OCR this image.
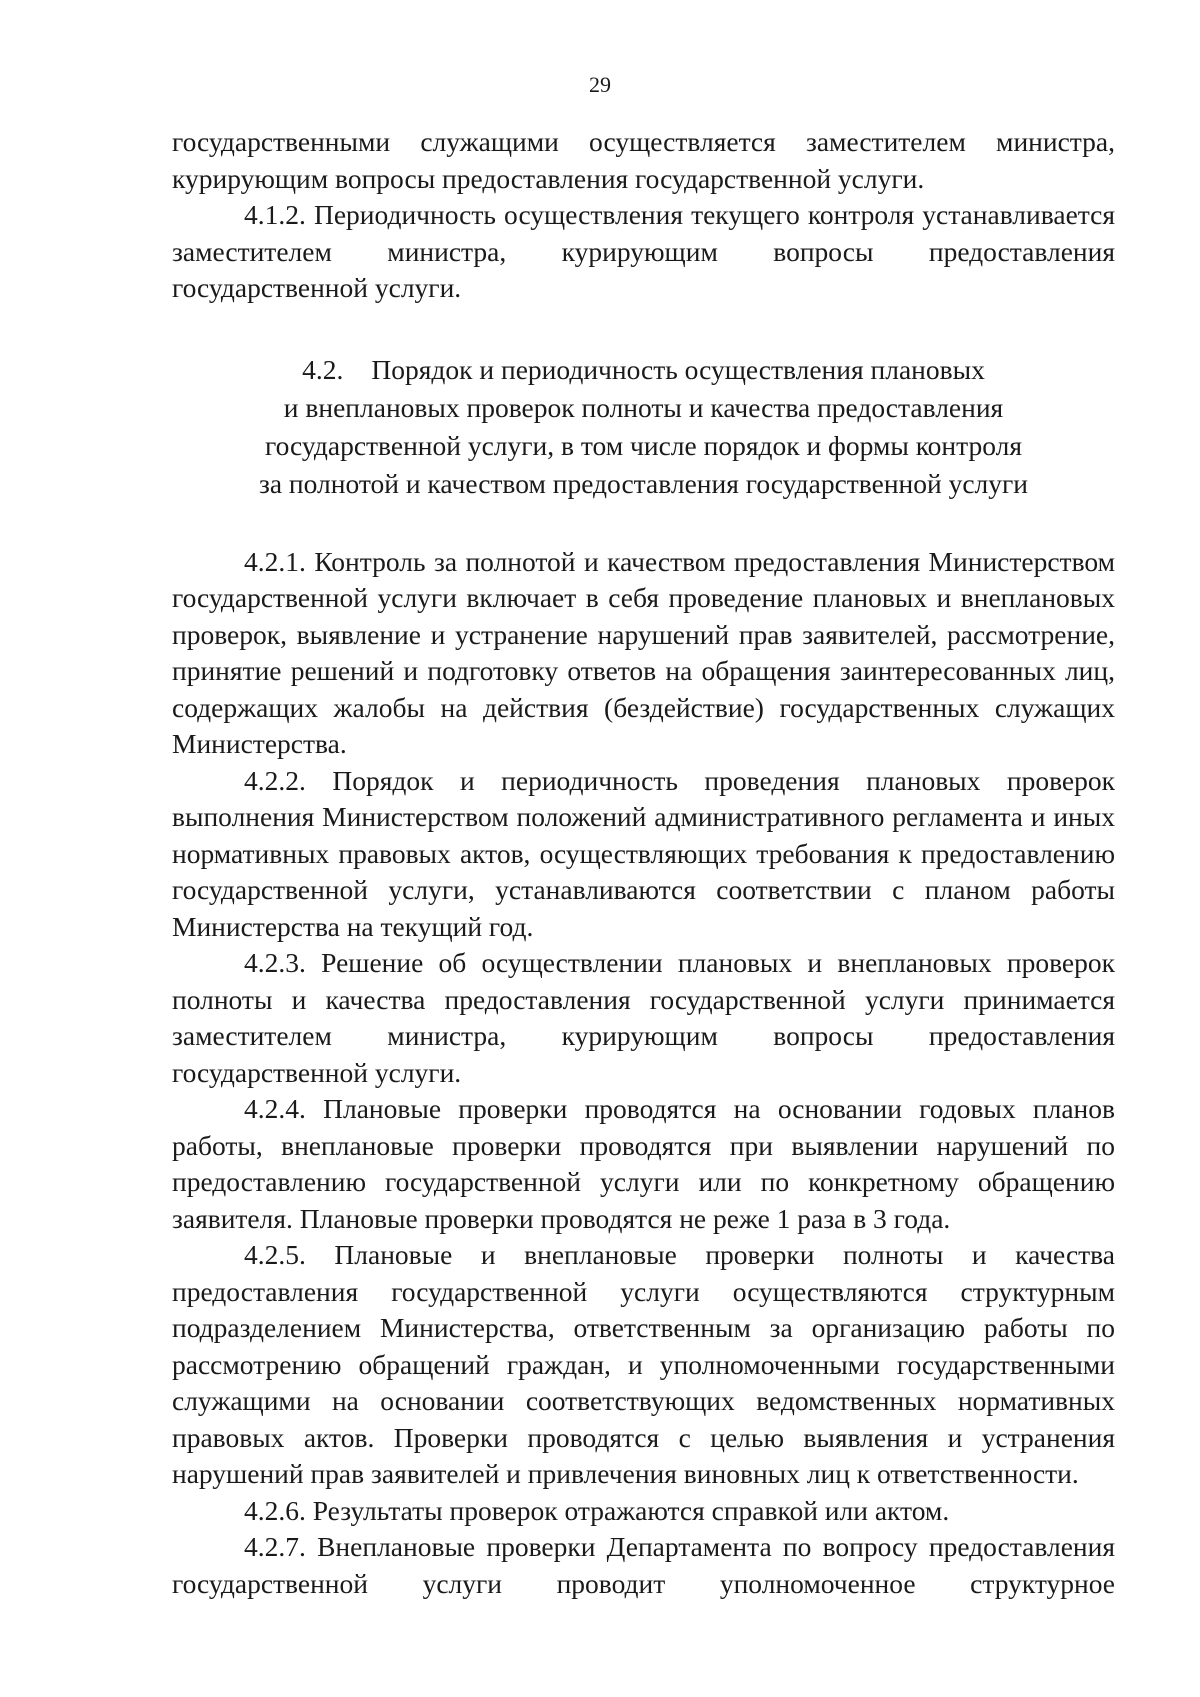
29

государственными служащими осуществляется заместителем министра, курирующим вопросы предоставления государственной услуги.

4.1.2. Периодичность осуществления текущего контроля устанавливается заместителем министра, курирующим вопросы предоставления государственной услуги.

4.2. Порядок и периодичность осуществления плановых
и внеплановых проверок полноты и качества предоставления
государственной услуги, в том числе порядок и формы контроля
за полнотой и качеством предоставления государственной услуги

4.2.1. Контроль за полнотой и качеством предоставления Министерством государственной услуги включает в себя проведение плановых и внеплановых проверок, выявление и устранение нарушений прав заявителей, рассмотрение, принятие решений и подготовку ответов на обращения заинтересованных лиц, содержащих жалобы на действия (бездействие) государственных служащих Министерства.

4.2.2. Порядок и периодичность проведения плановых проверок выполнения Министерством положений административного регламента и иных нормативных правовых актов, осуществляющих требования к предоставлению государственной услуги, устанавливаются соответствии с планом работы Министерства на текущий год.

4.2.3. Решение об осуществлении плановых и внеплановых проверок полноты и качества предоставления государственной услуги принимается заместителем министра, курирующим вопросы предоставления государственной услуги.

4.2.4. Плановые проверки проводятся на основании годовых планов работы, внеплановые проверки проводятся при выявлении нарушений по предоставлению государственной услуги или по конкретному обращению заявителя. Плановые проверки проводятся не реже 1 раза в 3 года.

4.2.5. Плановые и внеплановые проверки полноты и качества предоставления государственной услуги осуществляются структурным подразделением Министерства, ответственным за организацию работы по рассмотрению обращений граждан, и уполномоченными государственными служащими на основании соответствующих ведомственных нормативных правовых актов. Проверки проводятся с целью выявления и устранения нарушений прав заявителей и привлечения виновных лиц к ответственности.

4.2.6. Результаты проверок отражаются справкой или актом.

4.2.7. Внеплановые проверки Департамента по вопросу предоставления государственной услуги проводит уполномоченное структурное
